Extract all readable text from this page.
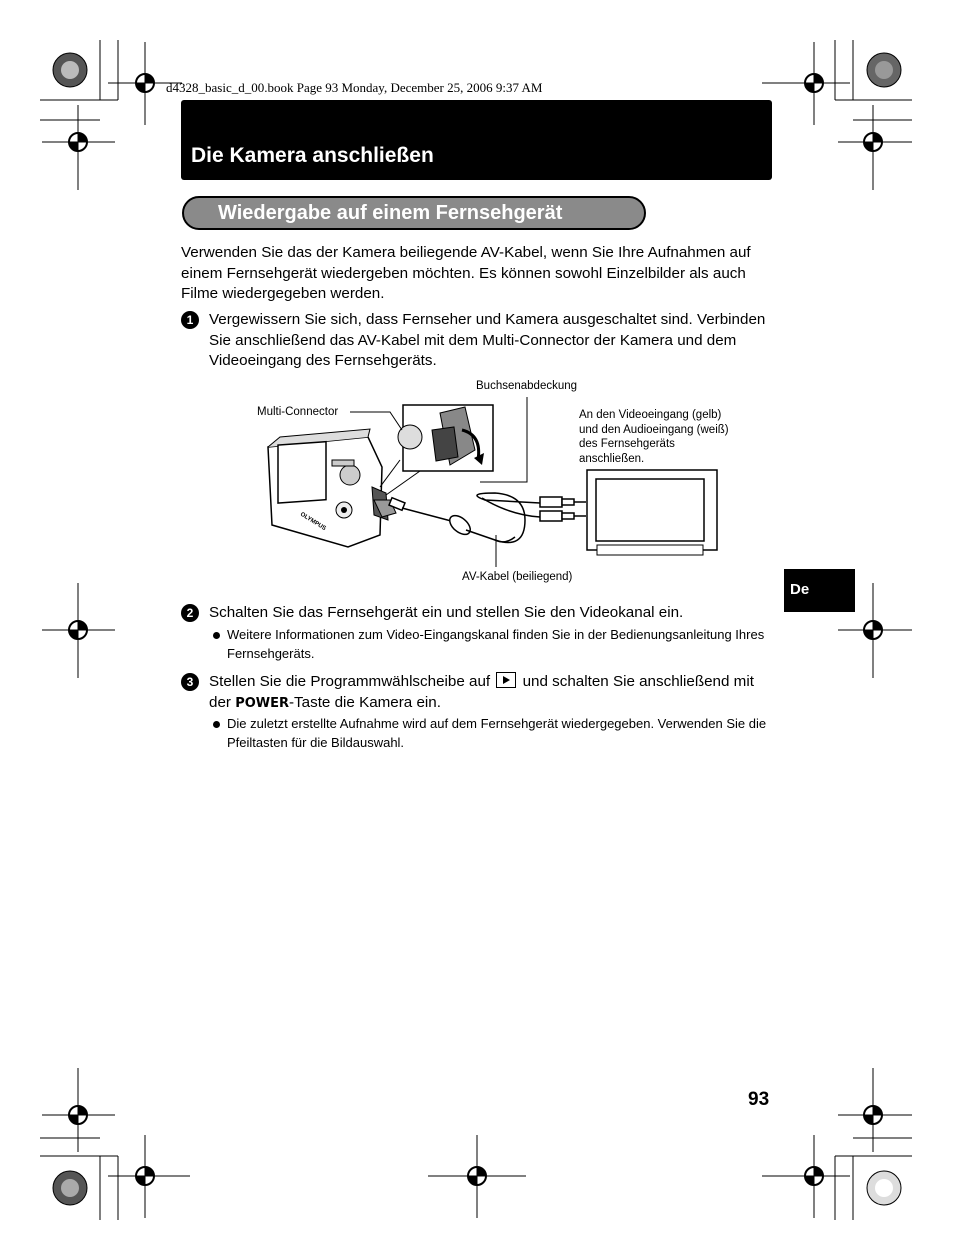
d4328_basic_d_00.book Page 93 Monday, December 25, 2006 9:37 AM
Die Kamera anschließen
Wiedergabe auf einem Fernsehgerät
Verwenden Sie das der Kamera beiliegende AV-Kabel, wenn Sie Ihre Aufnahmen auf einem Fernsehgerät wiedergeben möchten. Es können sowohl Einzelbilder als auch Filme wiedergegeben werden.
1	Vergewissern Sie sich, dass Fernseher und Kamera ausgeschaltet sind. Verbinden Sie anschließend das AV-Kabel mit dem Multi-Connector der Kamera und dem Videoeingang des Fernsehgeräts.
OLYMPUS
Buchsenabdeckung
Multi-Connector
AV-Kabel (beiliegend)
An den Videoeingang (gelb) und den Audioeingang (weiß) des Fernsehgeräts anschließen.
2	Schalten Sie das Fernsehgerät ein und stellen Sie den Videokanal ein.
Weitere Informationen zum Video-Eingangskanal finden Sie in der Bedienungsanleitung Ihres Fernsehgeräts.
3	Stellen Sie die Programmwählscheibe auf und schalten Sie anschließend mit der POWER-Taste die Kamera ein.
Die zuletzt erstellte Aufnahme wird auf dem Fernsehgerät wiedergegeben. Verwenden Sie die Pfeiltasten für die Bildauswahl.
De
93
